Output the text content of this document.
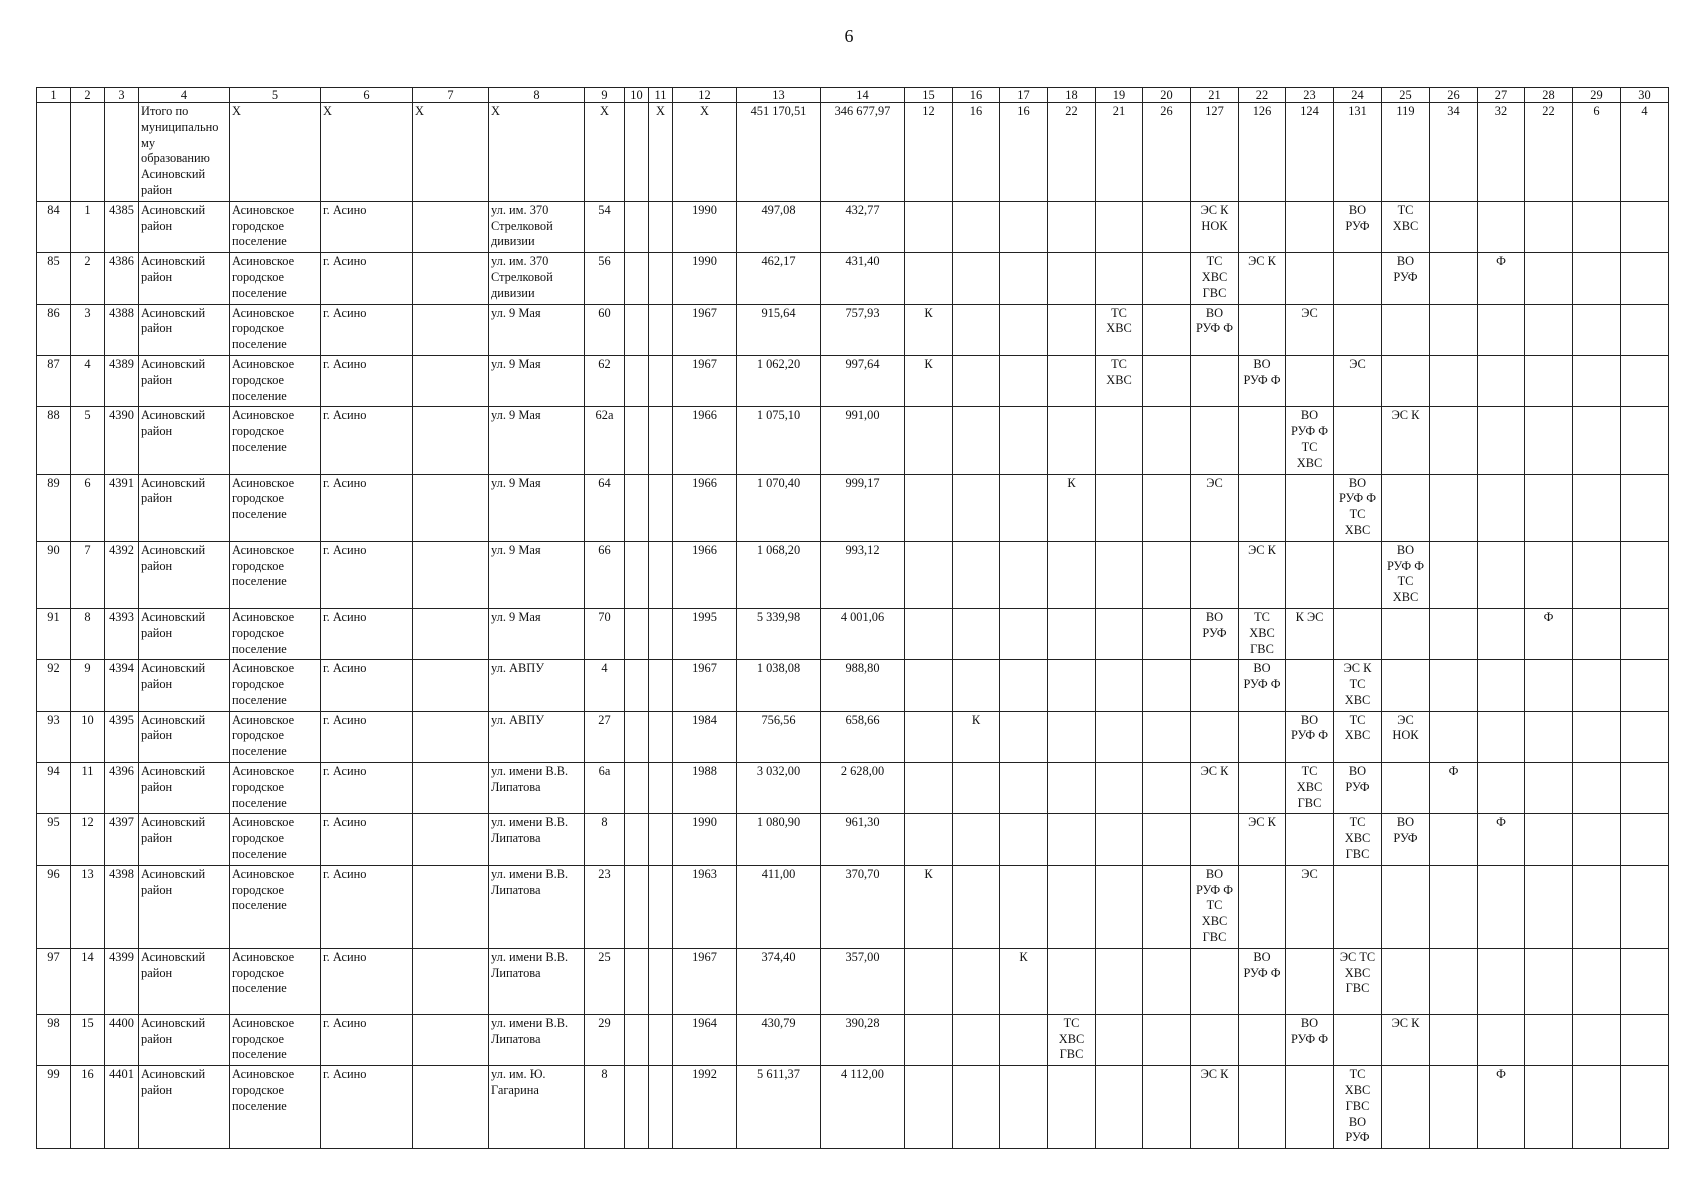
6
1	2	3	4	5	6	7	8	9	10	11	12	13	14	15	16	17	18	19	20	21	22	23	24	25	26	27	28	29	30
			Итого по муниципально му образованию Асиновский район	X	X	X	X	X		X	X	451 170,51	346 677,97	12	16	16	22	21	26	127	126	124	131	119	34	32	22	6	4
84	1	4385	Асиновский район	Асиновское городское поселение	г. Асино		ул. им. 370 Стрелковой дивизии	54			1990	497,08	432,77							ЭС К НОК			ВО РУФ	ТС ХВС					
85	2	4386	Асиновский район	Асиновское городское поселение	г. Асино		ул. им. 370 Стрелковой дивизии	56			1990	462,17	431,40							ТС ХВС ГВС	ЭС К			ВО РУФ		Ф			
86	3	4388	Асиновский район	Асиновское городское поселение	г. Асино		ул. 9 Мая	60			1967	915,64	757,93	К				ТС ХВС		ВО РУФ Ф		ЭС							
87	4	4389	Асиновский район	Асиновское городское поселение	г. Асино		ул. 9 Мая	62			1967	1 062,20	997,64	К				ТС ХВС			ВО РУФ Ф		ЭС						
88	5	4390	Асиновский район	Асиновское городское поселение	г. Асино		ул. 9 Мая	62а			1966	1 075,10	991,00									ВО РУФ Ф ТС ХВС		ЭС К					
89	6	4391	Асиновский район	Асиновское городское поселение	г. Асино		ул. 9 Мая	64			1966	1 070,40	999,17				К			ЭС			ВО РУФ Ф ТС ХВС						
90	7	4392	Асиновский район	Асиновское городское поселение	г. Асино		ул. 9 Мая	66			1966	1 068,20	993,12								ЭС К			ВО РУФ Ф ТС ХВС					
91	8	4393	Асиновский район	Асиновское городское поселение	г. Асино		ул. 9 Мая	70			1995	5 339,98	4 001,06							ВО РУФ	ТС ХВС ГВС	К ЭС					Ф		
92	9	4394	Асиновский район	Асиновское городское поселение	г. Асино		ул. АВПУ	4			1967	1 038,08	988,80								ВО РУФ Ф		ЭС К ТС ХВС						
93	10	4395	Асиновский район	Асиновское городское поселение	г. Асино		ул. АВПУ	27			1984	756,56	658,66		К							ВО РУФ Ф	ТС ХВС	ЭС НОК					
94	11	4396	Асиновский район	Асиновское городское поселение	г. Асино		ул. имени В.В. Липатова	6а			1988	3 032,00	2 628,00							ЭС К		ТС ХВС ГВС	ВО РУФ		Ф				
95	12	4397	Асиновский район	Асиновское городское поселение	г. Асино		ул. имени В.В. Липатова	8			1990	1 080,90	961,30								ЭС К		ТС ХВС ГВС	ВО РУФ		Ф			
96	13	4398	Асиновский район	Асиновское городское поселение	г. Асино		ул. имени В.В. Липатова	23			1963	411,00	370,70	К						ВО РУФ Ф ТС ХВС ГВС		ЭС							
97	14	4399	Асиновский район	Асиновское городское поселение	г. Асино		ул. имени В.В. Липатова	25			1967	374,40	357,00			К					ВО РУФ Ф		ЭС ТС ХВС ГВС						
98	15	4400	Асиновский район	Асиновское городское поселение	г. Асино		ул. имени В.В. Липатова	29			1964	430,79	390,28				ТС ХВС ГВС					ВО РУФ Ф		ЭС К					
99	16	4401	Асиновский район	Асиновское городское поселение	г. Асино		ул. им. Ю. Гагарина	8			1992	5 611,37	4 112,00							ЭС К			ТС ХВС ГВС ВО РУФ			Ф			
